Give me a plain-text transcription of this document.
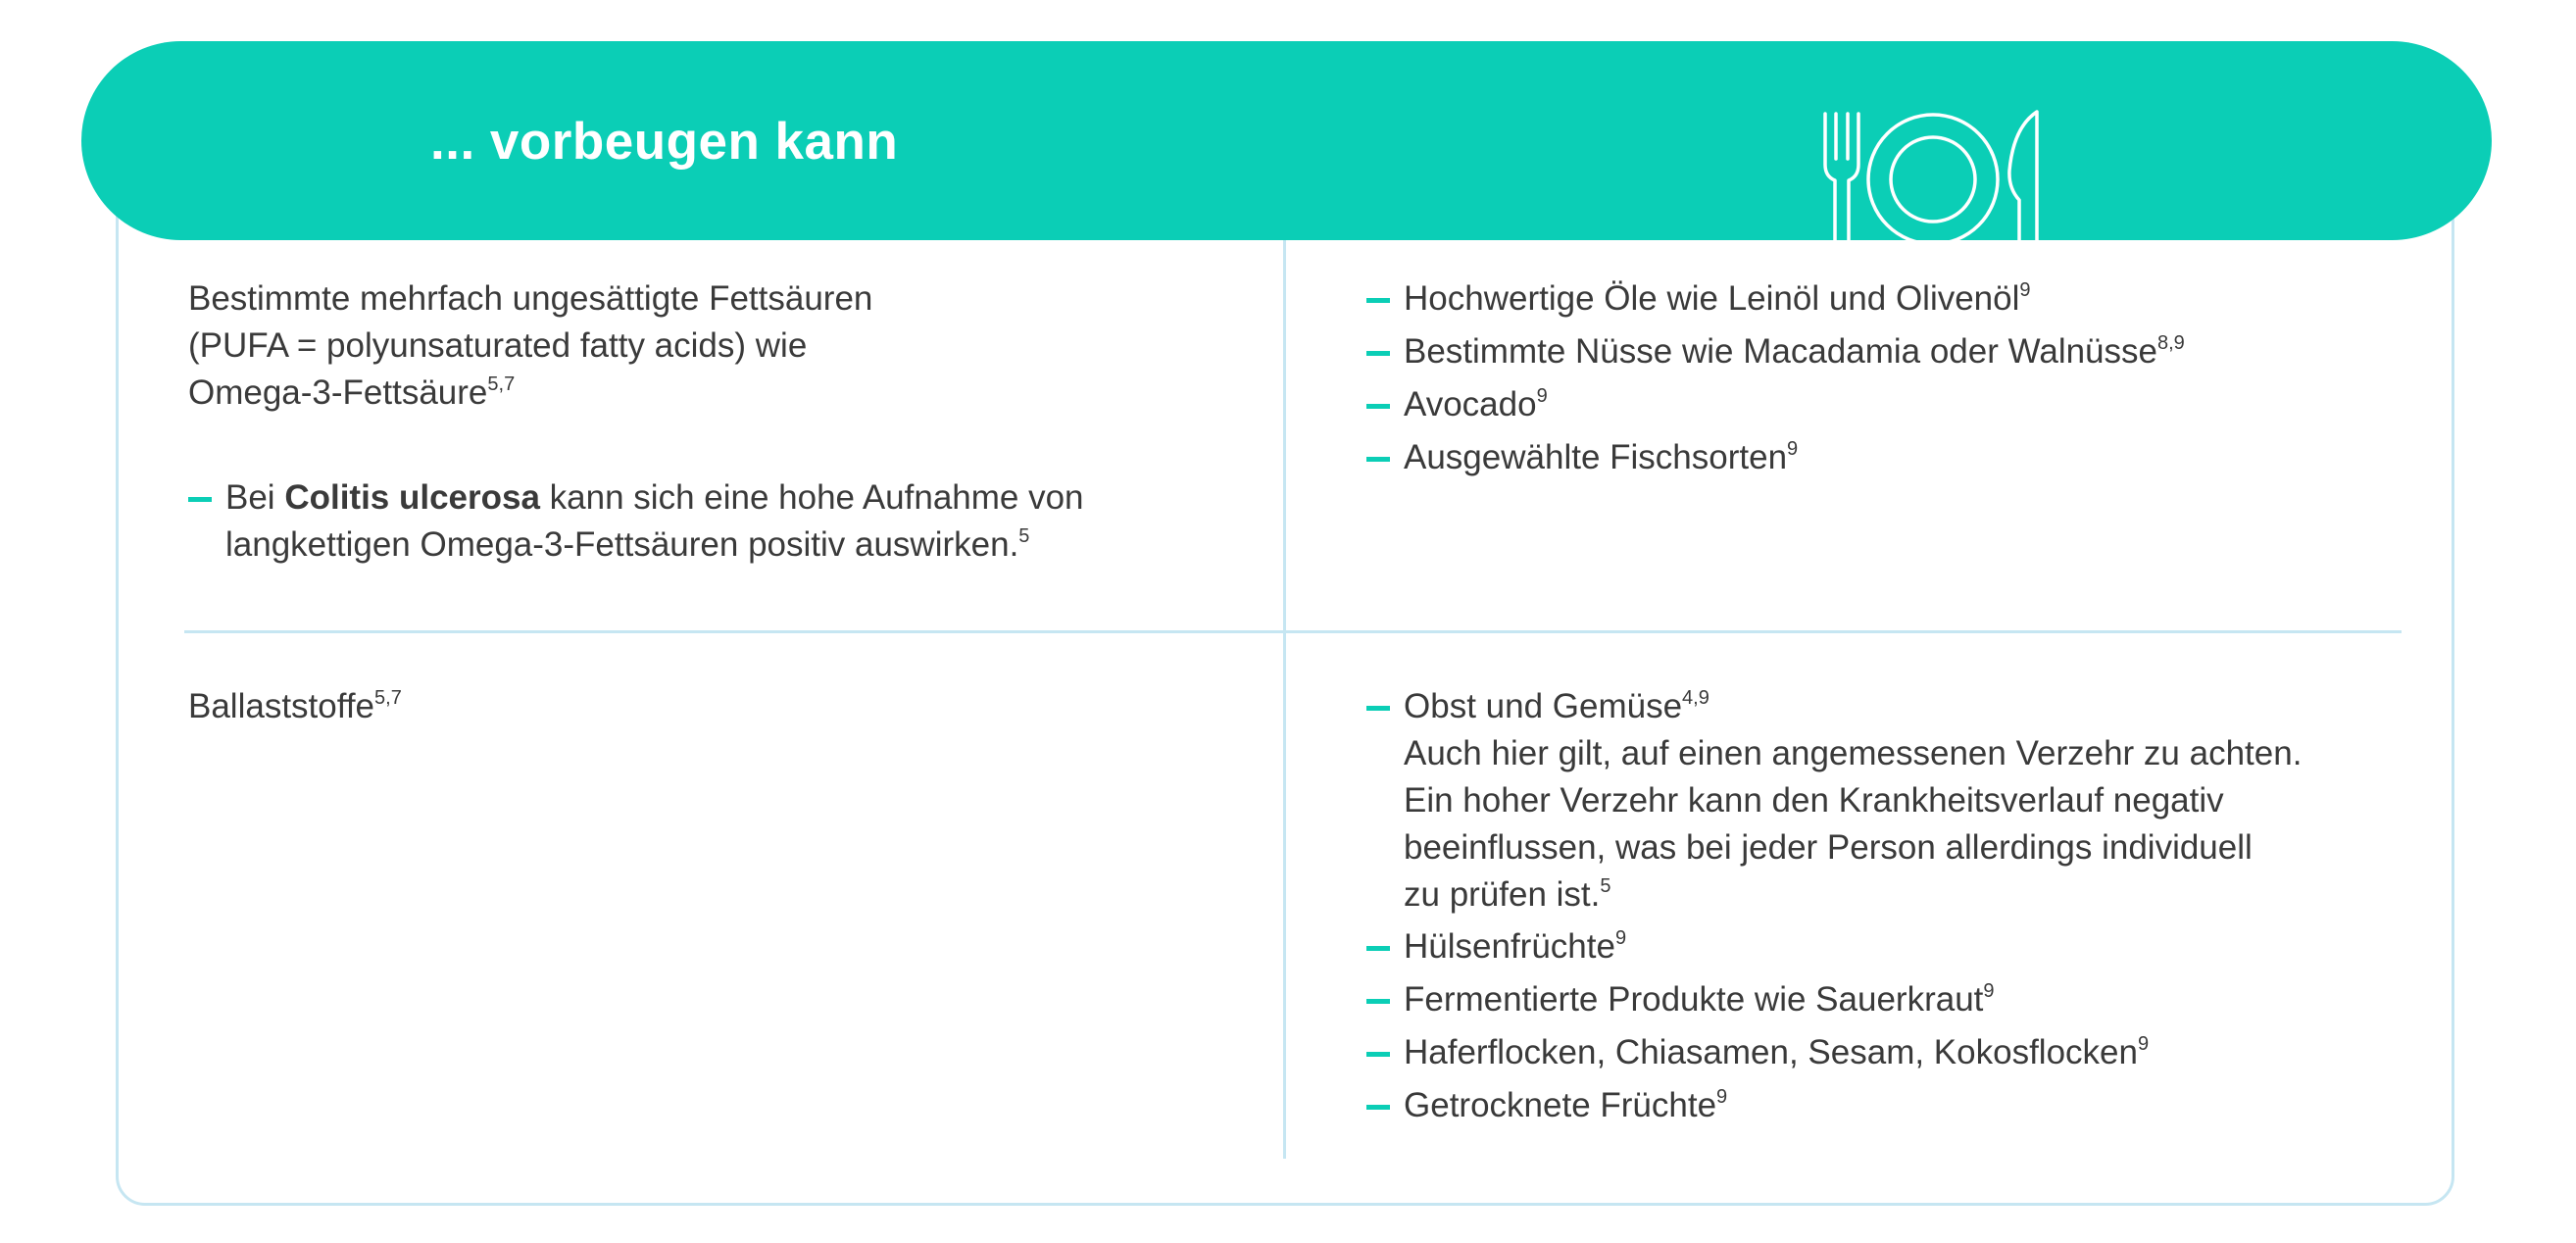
... vorbeugen kann
Bestimmte mehrfach ungesättigte Fettsäuren
(PUFA = polyunsaturated fatty acids) wie
Omega-3-Fettsäure$^{5,7}$
Bei Colitis ulcerosa kann sich eine hohe Aufnahme von
langkettigen Omega-3-Fettsäuren positiv auswirken.$^5$
Hochwertige Öle wie Leinöl und Olivenöl$^9$
Bestimmte Nüsse wie Macadamia oder Walnüsse$^{8,9}$
Avocado$^9$
Ausgewählte Fischsorten$^9$
Ballaststoffe$^{5,7}$	Obst und Gemüse$^{4,9}$
Auch hier gilt, auf einen angemessenen Verzehr zu achten.
Ein hoher Verzehr kann den Krankheitsverlauf negativ
beeinflussen, was bei jeder Person allerdings individuell
zu prüfen ist.$^5$
Hülsenfrüchte$^9$
Fermentierte Produkte wie Sauerkraut$^9$
Haferflocken, Chiasamen, Sesam, Kokosflocken$^9$
Getrocknete Früchte$^9$
